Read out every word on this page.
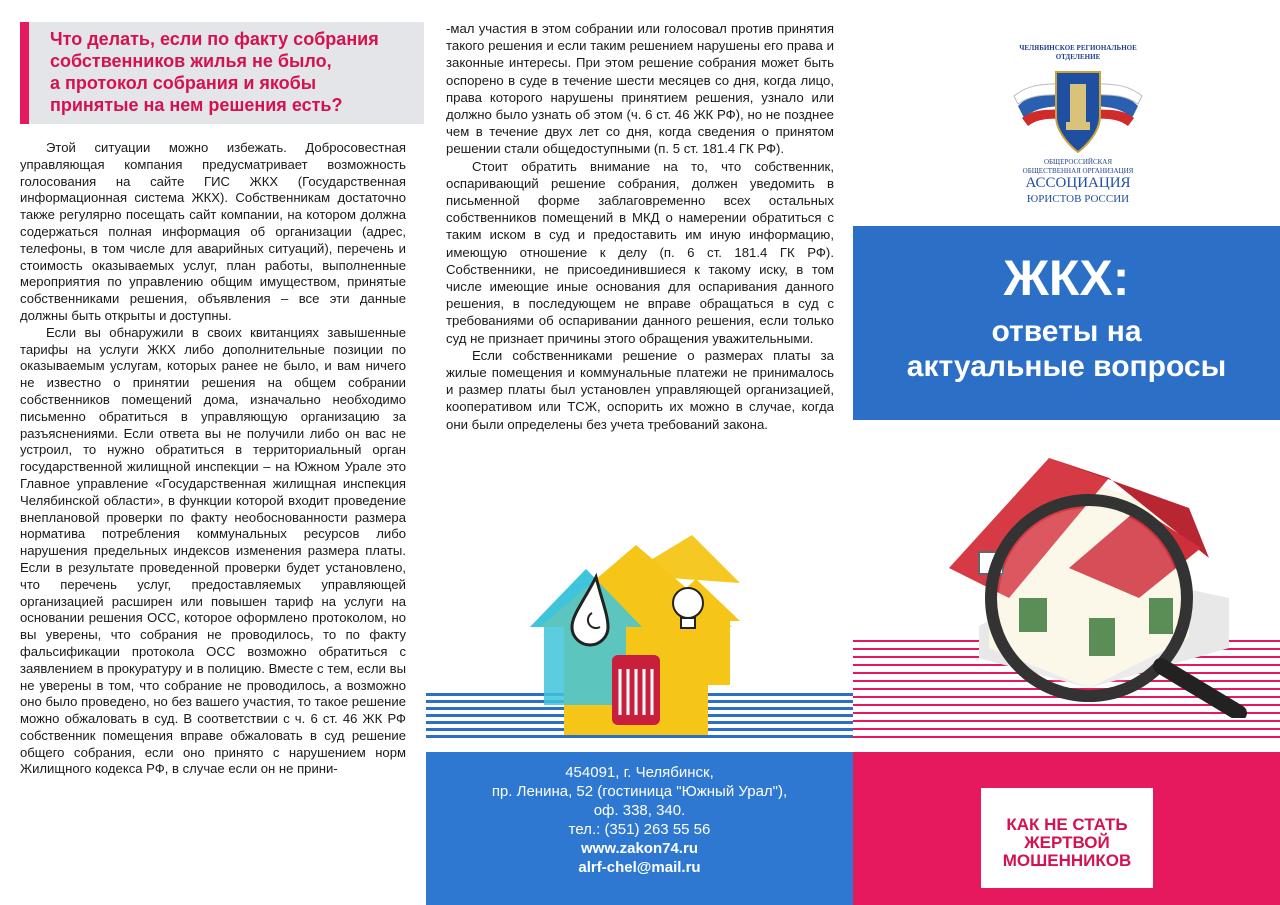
Что делать, если по факту собрания
собственников жилья не было,
а протокол собрания и якобы
принятые на нем решения есть?

Этой ситуации можно избежать. Добросовестная управляющая компания предусматривает возможность голосования на сайте ГИС ЖКХ (Государственная информационная система ЖКХ). Собственникам достаточно также регулярно посещать сайт компании, на котором должна содержаться полная информация об организации (адрес, телефоны, в том числе для аварийных ситуаций), перечень и стоимость оказываемых услуг, план работы, выполненные мероприятия по управлению общим имуществом, принятые собственниками решения, объявления – все эти данные должны быть открыты и доступны.

Если вы обнаружили в своих квитанциях завышенные тарифы на услуги ЖКХ либо дополнительные позиции по оказываемым услугам, которых ранее не было, и вам ничего не известно о принятии решения на общем собрании собственников помещений дома, изначально необходимо письменно обратиться в управляющую организацию за разъяснениями. Если ответа вы не получили либо он вас не устроил, то нужно обратиться в территориальный орган государственной жилищной инспекции – на Южном Урале это Главное управление «Государственная жилищная инспекция Челябинской области», в функции которой входит проведение внеплановой проверки по факту необоснованности размера норматива потребления коммунальных ресурсов либо нарушения предельных индексов изменения размера платы. Если в результате проведенной проверки будет установлено, что перечень услуг, предоставляемых управляющей организацией расширен или повышен тариф на услуги на основании решения ОСС, которое оформлено протоколом, но вы уверены, что собрания не проводилось, то по факту фальсификации протокола ОСС возможно обратиться с заявлением в прокуратуру и в полицию. Вместе с тем, если вы не уверены в том, что собрание не проводилось, а возможно оно было проведено, но без вашего участия, то такое решение можно обжаловать в суд. В соответствии с ч. 6 ст. 46 ЖК РФ собственник помещения вправе обжаловать в суд решение общего собрания, если оно принято с нарушением норм Жилищного кодекса РФ, в случае если он не прини-

-мал участия в этом собрании или голосовал против принятия такого решения и если таким решением нарушены его права и законные интересы. При этом решение собрания может быть оспорено в суде в течение шести месяцев со дня, когда лицо, права которого нарушены принятием решения, узнало или должно было узнать об этом (ч. 6 ст. 46 ЖК РФ), но не позднее чем в течение двух лет со дня, когда сведения о принятом решении стали общедоступными (п. 5 ст. 181.4 ГК РФ).

Стоит обратить внимание на то, что собственник, оспаривающий решение собрания, должен уведомить в письменной форме заблаговременно всех остальных собственников помещений в МКД о намерении обратиться с таким иском в суд и предоставить им иную информацию, имеющую отношение к делу (п. 6 ст. 181.4 ГК РФ). Собственники, не присоединившиеся к такому иску, в том числе имеющие иные основания для оспаривания данного решения, в последующем не вправе обращаться в суд с требованиями об оспаривании данного решения, если только суд не признает причины этого обращения уважительными.

Если собственниками решение о размерах платы за жилые помещения и коммунальные платежи не принималось и размер платы был установлен управляющей организацией, кооперативом или ТСЖ, оспорить их можно в случае, когда они были определены без учета требований закона.

454091, г. Челябинск,
пр. Ленина, 52 (гостиница "Южный Урал"),
оф. 338, 340.
тел.: (351) 263 55 56
www.zakon74.ru
alrf-chel@mail.ru
ЧЕЛЯБИНСКОЕ РЕГИОНАЛЬНОЕ
ОТДЕЛЕНИЕ
ОБЩЕРОССИЙСКАЯ
ОБЩЕСТВЕННАЯ ОРГАНИЗАЦИЯ
АССОЦИАЦИЯ
ЮРИСТОВ РОССИИ
ЖКХ:

ответы на
актуальные вопросы

КАК НЕ СТАТЬ
ЖЕРТВОЙ
МОШЕННИКОВ
